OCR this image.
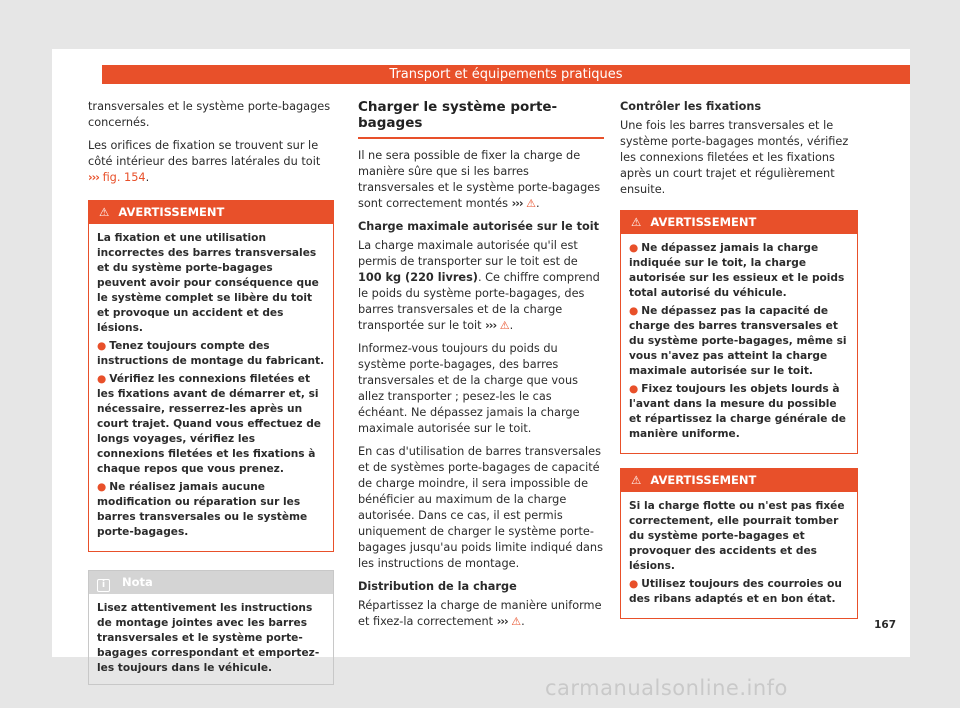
Transport et équipements pratiques

transversales et le système porte-bagages concernés.

Les orifices de fixation se trouvent sur le côté intérieur des barres latérales du toit ››› fig. 154.

⚠ AVERTISSEMENT

La fixation et une utilisation incorrectes des barres transversales et du système porte-bagages peuvent avoir pour conséquence que le système complet se libère du toit et provoque un accident et des lésions.

● Tenez toujours compte des instructions de montage du fabricant.

● Vérifiez les connexions filetées et les fixations avant de démarrer et, si nécessaire, resserrez-les après un court trajet. Quand vous effectuez de longs voyages, vérifiez les connexions filetées et les fixations à chaque repos que vous prenez.

● Ne réalisez jamais aucune modification ou réparation sur les barres transversales ou le système porte-bagages.

i Nota
Lisez attentivement les instructions de montage jointes avec les barres transversales et le système porte-bagages correspondant et emportez-les toujours dans le véhicule.
Charger le système porte-bagages

Il ne sera possible de fixer la charge de manière sûre que si les barres transversales et le système porte-bagages sont correctement montés ››› ⚠.

Charge maximale autorisée sur le toit

La charge maximale autorisée qu'il est permis de transporter sur le toit est de 100 kg (220 livres). Ce chiffre comprend le poids du système porte-bagages, des barres transversales et de la charge transportée sur le toit ››› ⚠.

Informez-vous toujours du poids du système porte-bagages, des barres transversales et de la charge que vous allez transporter ; pesez-les le cas échéant. Ne dépassez jamais la charge maximale autorisée sur le toit.

En cas d'utilisation de barres transversales et de systèmes porte-bagages de capacité de charge moindre, il sera impossible de bénéficier au maximum de la charge autorisée. Dans ce cas, il est permis uniquement de charger le système porte-bagages jusqu'au poids limite indiqué dans les instructions de montage.

Distribution de la charge

Répartissez la charge de manière uniforme et fixez-la correctement ››› ⚠.

Contrôler les fixations

Une fois les barres transversales et le système porte-bagages montés, vérifiez les connexions filetées et les fixations après un court trajet et régulièrement ensuite.

⚠ AVERTISSEMENT

● Ne dépassez jamais la charge indiquée sur le toit, la charge autorisée sur les essieux et le poids total autorisé du véhicule.

● Ne dépassez pas la capacité de charge des barres transversales et du système porte-bagages, même si vous n'avez pas atteint la charge maximale autorisée sur le toit.

● Fixez toujours les objets lourds à l'avant dans la mesure du possible et répartissez la charge générale de manière uniforme.

⚠ AVERTISSEMENT

Si la charge flotte ou n'est pas fixée correctement, elle pourrait tomber du système porte-bagages et provoquer des accidents et des lésions.

● Utilisez toujours des courroies ou des ribans adaptés et en bon état.

167
carmanualsonline.info
